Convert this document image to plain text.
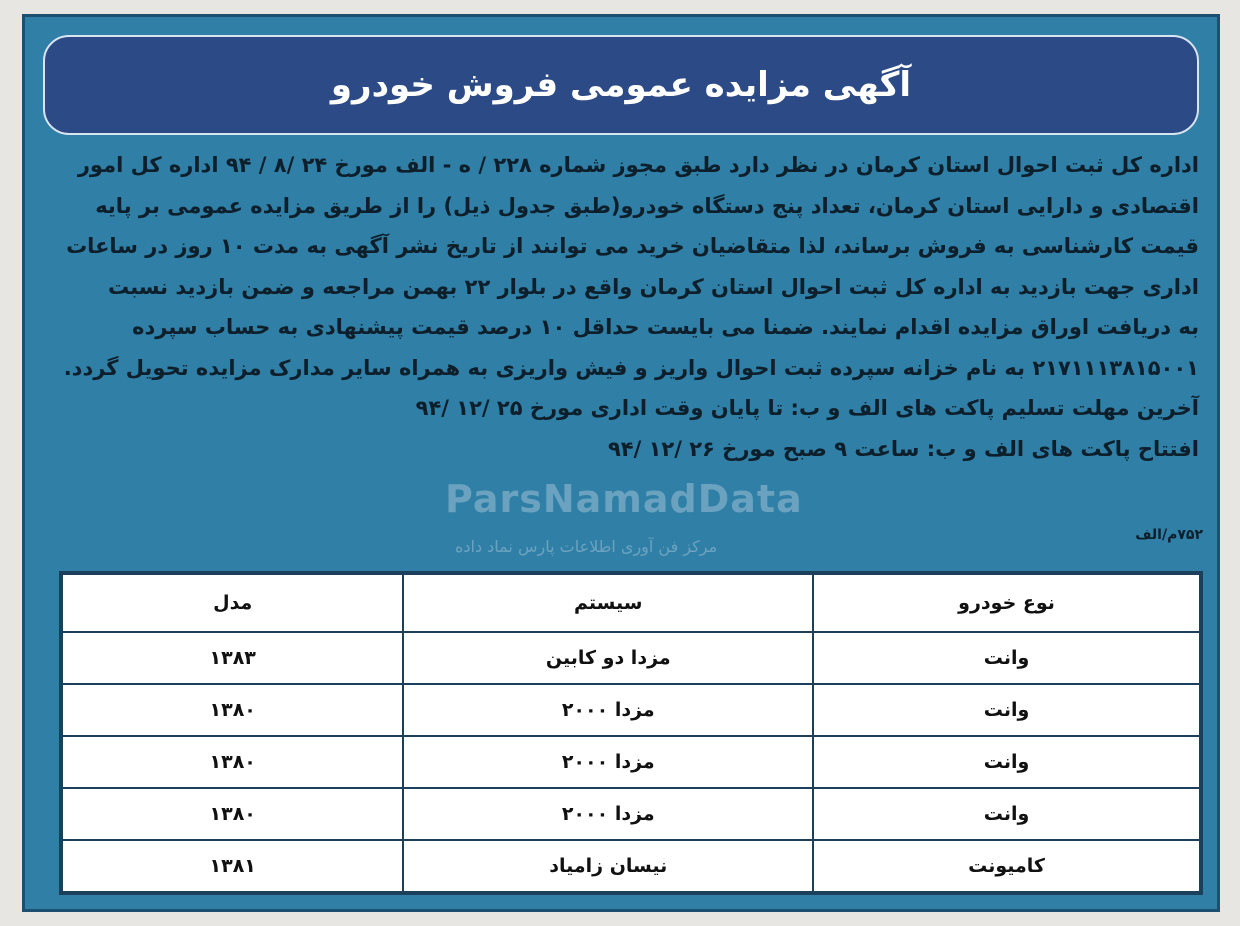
آگهی مزایده عمومی فروش خودرو

اداره کل ثبت احوال استان کرمان در نظر دارد طبق مجوز شماره ۲۲۸ / ه - الف مورخ ۲۴ /۸ / ۹۴ اداره کل امور

اقتصادی و دارایی استان کرمان، تعداد پنج دستگاه خودرو(طبق جدول ذیل) را از طریق مزایده عمومی بر پایه

قیمت کارشناسی به فروش برساند، لذا متقاضیان خرید می توانند از تاریخ نشر آگهی به مدت ۱۰ روز در ساعات

اداری جهت بازدید به اداره کل ثبت احوال استان کرمان واقع در بلوار ۲۲ بهمن مراجعه و ضمن بازدید نسبت

به دریافت اوراق مزایده اقدام نمایند. ضمنا می بایست حداقل ۱۰ درصد قیمت پیشنهادی به حساب سپرده

۲۱۷۱۱۱۳۸۱۵۰۰۱ به نام خزانه سپرده ثبت احوال واریز و فیش واریزی به همراه سایر مدارک مزایده تحویل گردد.

آخرین مهلت تسلیم پاکت های الف و ب: تا پایان وقت اداری مورخ ۲۵ /۱۲ /۹۴

افتتاح پاکت های الف و ب: ساعت ۹ صبح مورخ ۲۶ /۱۲ /۹۴

ParsNamadData
مرکز فن آوری اطلاعات پارس نماد داده
۷۵۲م/الف
نوع خودرو	سیستم	مدل
وانت	مزدا دو کابین	۱۳۸۳
وانت	مزدا ۲۰۰۰	۱۳۸۰
وانت	مزدا ۲۰۰۰	۱۳۸۰
وانت	مزدا ۲۰۰۰	۱۳۸۰
کامیونت	نیسان زامیاد	۱۳۸۱
